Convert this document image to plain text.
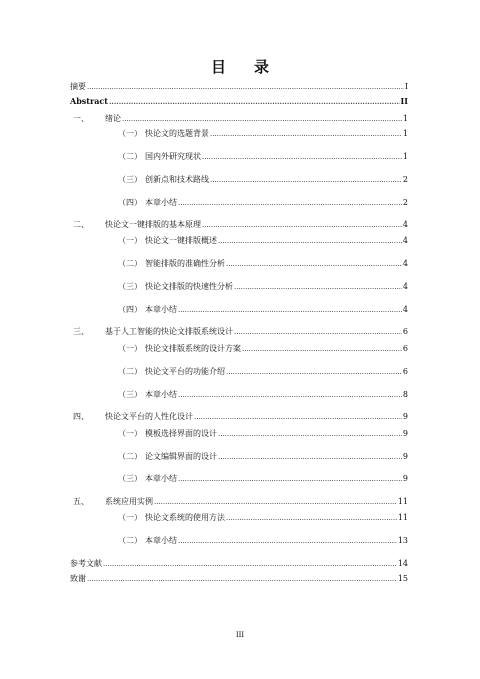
目 录
摘要 .....	I
Abstract .....	II
一、 绪论 .....	1
（一） 快论文的选题背景 .....	1
（二） 国内外研究现状 .....	1
（三） 创新点和技术路线 .....	2
（四） 本章小结 .....	2
二、 快论文一键排版的基本原理 .....	4
（一） 快论文一键排版概述 .....	4
（二） 智能排版的准确性分析 .....	4
（三） 快论文排版的快速性分析 .....	4
（四） 本章小结 .....	4
三、 基于人工智能的快论文排版系统设计 .....	6
（一） 快论文排版系统的设计方案 .....	6
（二） 快论文平台的功能介绍 .....	6
（三） 本章小结 .....	8
四、 快论文平台的人性化设计 .....	9
（一） 模板选择界面的设计 .....	9
（二） 论文编辑界面的设计 .....	9
（三） 本章小结 .....	9
五、 系统应用实例 .....	11
（一） 快论文系统的使用方法 .....	11
（二） 本章小结 .....	13
参考文献 .....	14
致谢 .....	15
III
